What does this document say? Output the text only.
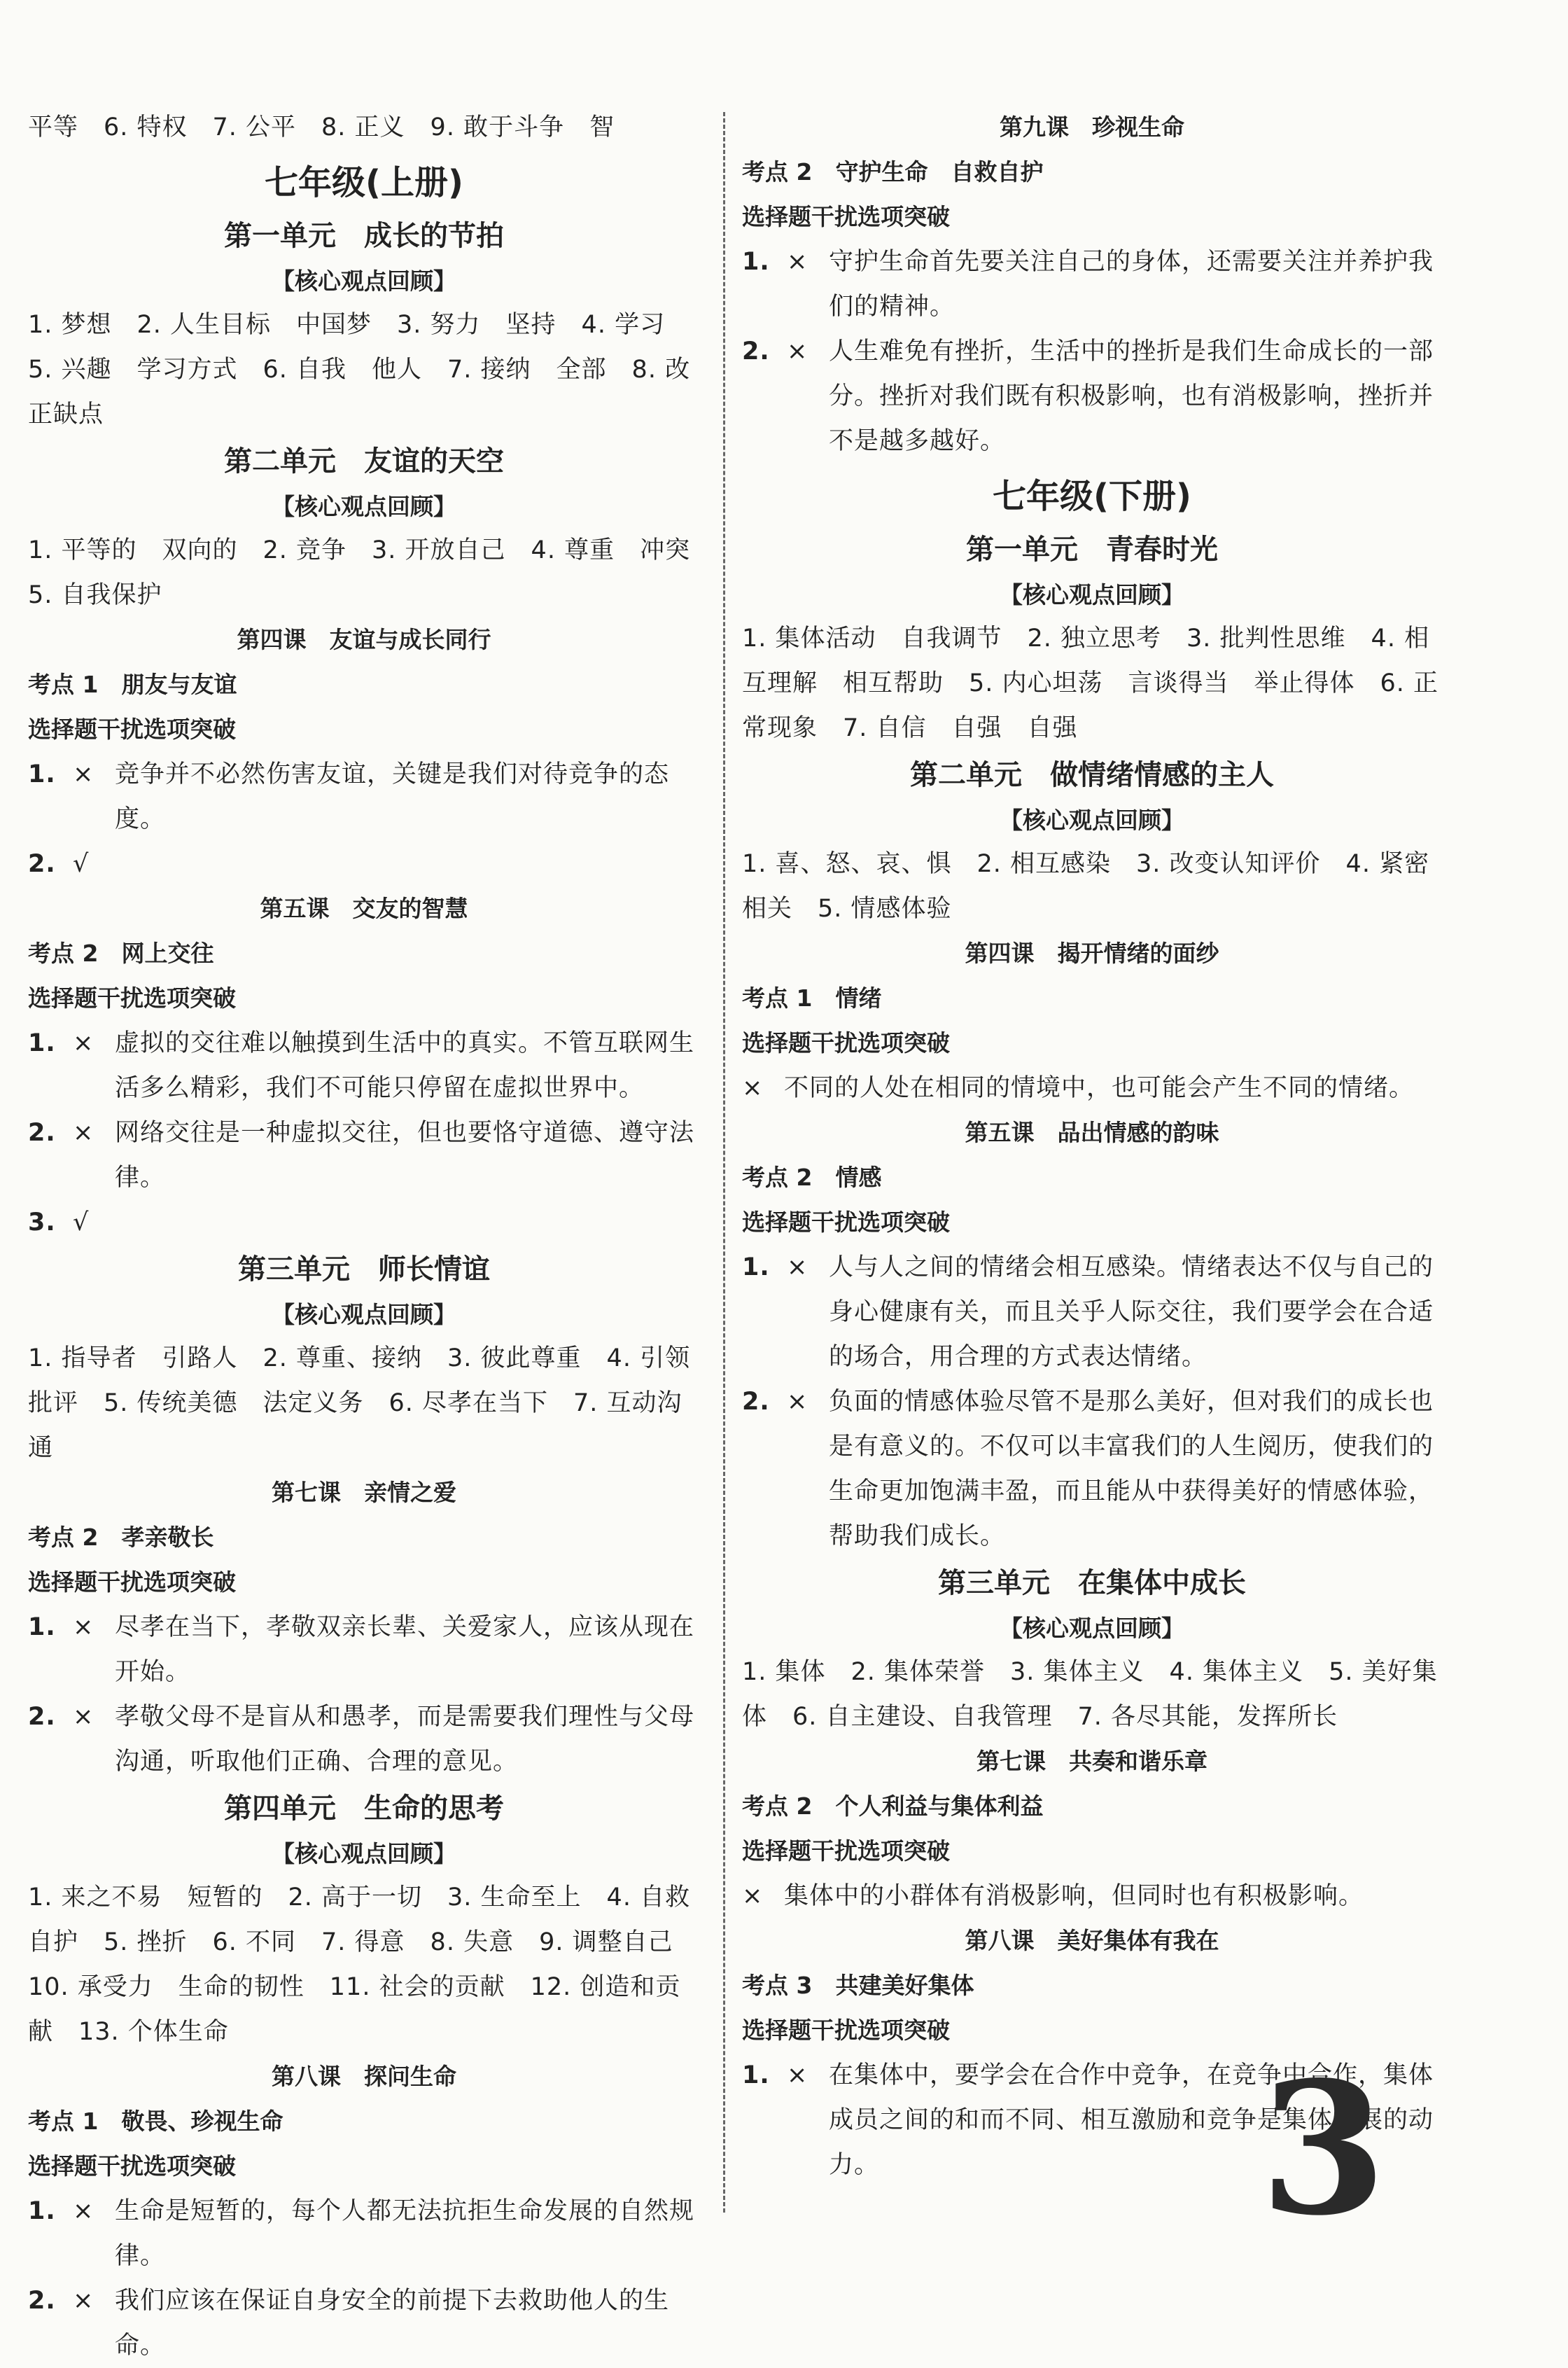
平等　6. 特权　7. 公平　8. 正义　9. 敢于斗争　智
七年级(上册)
第一单元　成长的节拍
【核心观点回顾】
1. 梦想　2. 人生目标　中国梦　3. 努力　坚持　4. 学习　5. 兴趣　学习方式　6. 自我　他人　7. 接纳　全部　8. 改正缺点
第二单元　友谊的天空
【核心观点回顾】
1. 平等的　双向的　2. 竞争　3. 开放自己　4. 尊重　冲突　5. 自我保护
第四课　友谊与成长同行
考点 1　朋友与友谊
选择题干扰选项突破
1. × 竞争并不必然伤害友谊，关键是我们对待竞争的态度。
2. √
第五课　交友的智慧
考点 2　网上交往
选择题干扰选项突破
1. × 虚拟的交往难以触摸到生活中的真实。不管互联网生活多么精彩，我们不可能只停留在虚拟世界中。
2. × 网络交往是一种虚拟交往，但也要恪守道德、遵守法律。
3. √
第三单元　师长情谊
【核心观点回顾】
1. 指导者　引路人　2. 尊重、接纳　3. 彼此尊重　4. 引领　批评　5. 传统美德　法定义务　6. 尽孝在当下　7. 互动沟通
第七课　亲情之爱
考点 2　孝亲敬长
选择题干扰选项突破
1. × 尽孝在当下，孝敬双亲长辈、关爱家人，应该从现在开始。
2. × 孝敬父母不是盲从和愚孝，而是需要我们理性与父母沟通，听取他们正确、合理的意见。
第四单元　生命的思考
【核心观点回顾】
1. 来之不易　短暂的　2. 高于一切　3. 生命至上　4. 自救自护　5. 挫折　6. 不同　7. 得意　8. 失意　9. 调整自己　10. 承受力　生命的韧性　11. 社会的贡献　12. 创造和贡献　13. 个体生命
第八课　探问生命
考点 1　敬畏、珍视生命
选择题干扰选项突破
1. × 生命是短暂的，每个人都无法抗拒生命发展的自然规律。
2. × 我们应该在保证自身安全的前提下去救助他人的生命。
第九课　珍视生命
考点 2　守护生命　自救自护
选择题干扰选项突破
1. × 守护生命首先要关注自己的身体，还需要关注并养护我们的精神。
2. × 人生难免有挫折，生活中的挫折是我们生命成长的一部分。挫折对我们既有积极影响，也有消极影响，挫折并不是越多越好。
七年级(下册)
第一单元　青春时光
【核心观点回顾】
1. 集体活动　自我调节　2. 独立思考　3. 批判性思维　4. 相互理解　相互帮助　5. 内心坦荡　言谈得当　举止得体　6. 正常现象　7. 自信　自强　自强
第二单元　做情绪情感的主人
【核心观点回顾】
1. 喜、怒、哀、惧　2. 相互感染　3. 改变认知评价　4. 紧密相关　5. 情感体验
第四课　揭开情绪的面纱
考点 1　情绪
选择题干扰选项突破
× 不同的人处在相同的情境中，也可能会产生不同的情绪。
第五课　品出情感的韵味
考点 2　情感
选择题干扰选项突破
1. × 人与人之间的情绪会相互感染。情绪表达不仅与自己的身心健康有关，而且关乎人际交往，我们要学会在合适的场合，用合理的方式表达情绪。
2. × 负面的情感体验尽管不是那么美好，但对我们的成长也是有意义的。不仅可以丰富我们的人生阅历，使我们的生命更加饱满丰盈，而且能从中获得美好的情感体验，帮助我们成长。
第三单元　在集体中成长
【核心观点回顾】
1. 集体　2. 集体荣誉　3. 集体主义　4. 集体主义　5. 美好集体　6. 自主建设、自我管理　7. 各尽其能，发挥所长
第七课　共奏和谐乐章
考点 2　个人利益与集体利益
选择题干扰选项突破
× 集体中的小群体有消极影响，但同时也有积极影响。
第八课　美好集体有我在
考点 3　共建美好集体
选择题干扰选项突破
1. × 在集体中，要学会在合作中竞争，在竞争中合作，集体成员之间的和而不同、相互激励和竞争是集体发展的动力。	3
